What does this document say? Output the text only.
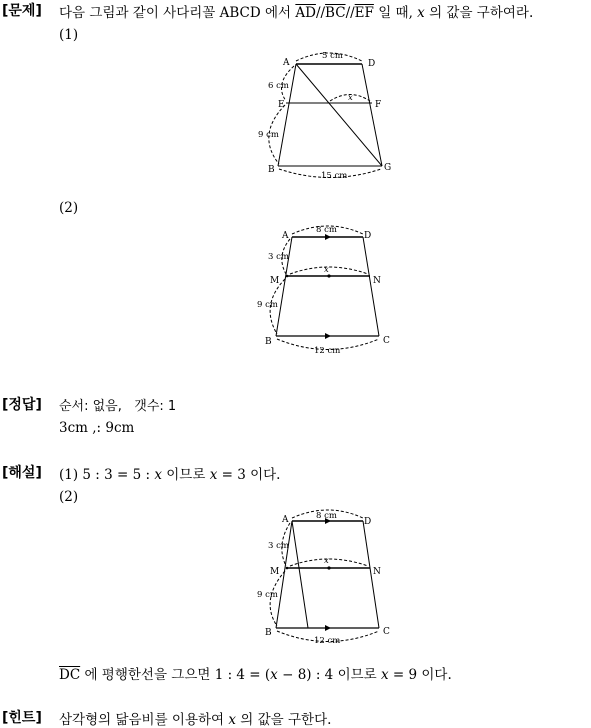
[문제] 다음 그림과 같이 사다리꼴 ABCD 에서 $\overline{AD}//\overline{BC}//\overline{EF}$ 일 때, x 의 값을 구하여라.
(1)
A	D
E	F
B	G
5 cm
6 cm
9 cm
15 cm
x
(2)
A	D
M	N
B	C
8 cm
3 cm
9 cm
12 cm
x
[정답] 순서: 없음,   갯수: 1
3cm ,: 9cm
[해설] (1) 5 : 3 = 5 : x 이므로 x = 3 이다.
(2)
A	D
M	N
B	C
8 cm
3 cm
9 cm
12 cm
x
$\overline{DC}$ 에 평행한선을 그으면 1 : 4 = (x − 8) : 4 이므로 x = 9 이다.
[힌트] 삼각형의 닮음비를 이용하여 x 의 값을 구한다.
